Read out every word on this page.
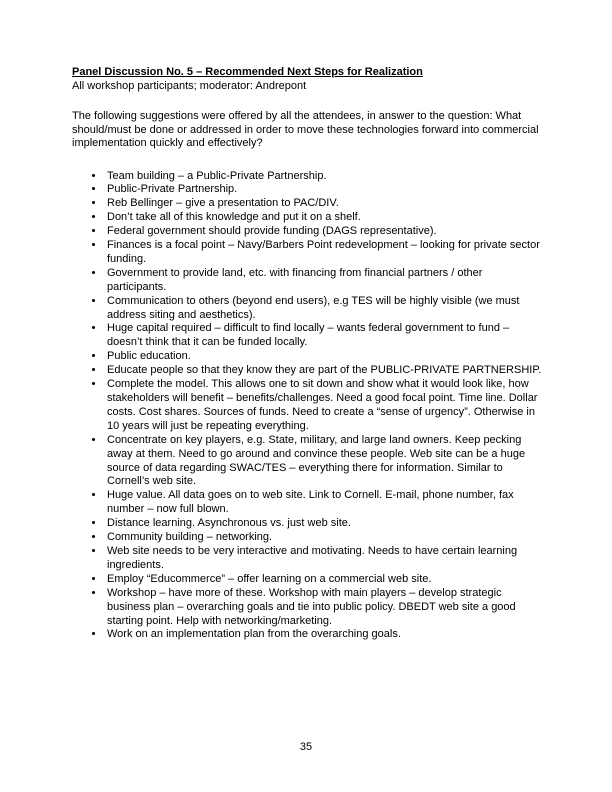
Panel Discussion No. 5 – Recommended Next Steps for Realization
All workshop participants; moderator: Andrepont

The following suggestions were offered by all the attendees, in answer to the question: What should/must be done or addressed in order to move these technologies forward into commercial implementation quickly and effectively?

• Team building – a Public-Private Partnership.
• Public-Private Partnership.
• Reb Bellinger – give a presentation to PAC/DIV.
• Don’t take all of this knowledge and put it on a shelf.
• Federal government should provide funding (DAGS representative).
• Finances is a focal point – Navy/Barbers Point redevelopment – looking for private sector funding.
• Government to provide land, etc. with financing from financial partners / other participants.
• Communication to others (beyond end users), e.g TES will be highly visible (we must address siting and aesthetics).
• Huge capital required – difficult to find locally – wants federal government to fund – doesn’t think that it can be funded locally.
• Public education.
• Educate people so that they know they are part of the PUBLIC-PRIVATE PARTNERSHIP.
• Complete the model. This allows one to sit down and show what it would look like, how stakeholders will benefit – benefits/challenges. Need a good focal point. Time line. Dollar costs. Cost shares. Sources of funds. Need to create a “sense of urgency”. Otherwise in 10 years will just be repeating everything.
• Concentrate on key players, e.g. State, military, and large land owners. Keep pecking away at them. Need to go around and convince these people. Web site can be a huge source of data regarding SWAC/TES – everything there for information. Similar to Cornell’s web site.
• Huge value. All data goes on to web site. Link to Cornell. E-mail, phone number, fax number – now full blown.
• Distance learning. Asynchronous vs. just web site.
• Community building – networking.
• Web site needs to be very interactive and motivating. Needs to have certain learning ingredients.
• Employ “Educommerce” – offer learning on a commercial web site.
• Workshop – have more of these. Workshop with main players – develop strategic business plan – overarching goals and tie into public policy. DBEDT web site a good starting point. Help with networking/marketing.
• Work on an implementation plan from the overarching goals.
35
